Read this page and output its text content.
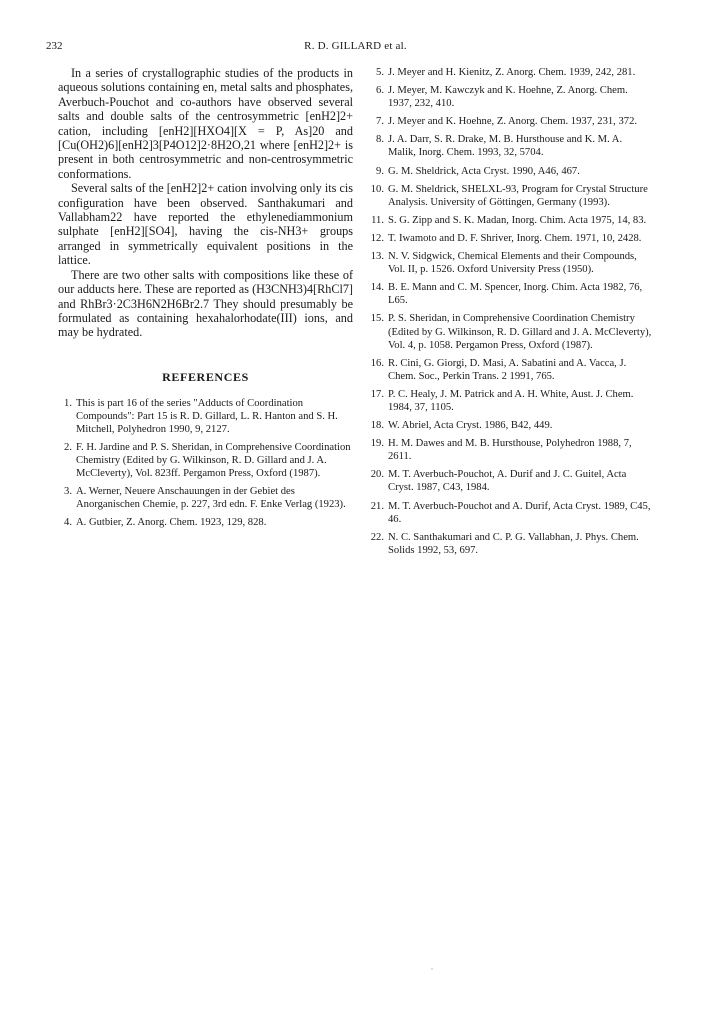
232	R. D. GILLARD et al.

In a series of crystallographic studies of the products in aqueous solutions containing en, metal salts and phosphates, Averbuch-Pouchot and co-authors have observed several salts and double salts of the centrosymmetric [enH2]2+ cation, including [enH2][HXO4][X = P, As]20 and [Cu(OH2)6][enH2]3[P4O12]2·8H2O,21 where [enH2]2+ is present in both centrosymmetric and non-centrosymmetric conformations.

Several salts of the [enH2]2+ cation involving only its cis configuration have been observed. Santhakumari and Vallabham22 have reported the ethylenediammonium sulphate [enH2][SO4], having the cis-NH3+ groups arranged in symmetrically equivalent positions in the lattice.

There are two other salts with compositions like these of our adducts here. These are reported as (H3CNH3)4[RhCl7] and RhBr3·2C3H6N2H6Br2.7 They should presumably be formulated as containing hexahalorhodate(III) ions, and may be hydrated.

REFERENCES
1. This is part 16 of the series "Adducts of Coordination Compounds": Part 15 is R. D. Gillard, L. R. Hanton and S. H. Mitchell, Polyhedron 1990, 9, 2127.
2. F. H. Jardine and P. S. Sheridan, in Comprehensive Coordination Chemistry (Edited by G. Wilkinson, R. D. Gillard and J. A. McCleverty), Vol. 823ff. Pergamon Press, Oxford (1987).
3. A. Werner, Neuere Anschauungen in der Gebiet des Anorganischen Chemie, p. 227, 3rd edn. F. Enke Verlag (1923).
4. A. Gutbier, Z. Anorg. Chem. 1923, 129, 828.
5. J. Meyer and H. Kienitz, Z. Anorg. Chem. 1939, 242, 281.
6. J. Meyer, M. Kawczyk and K. Hoehne, Z. Anorg. Chem. 1937, 232, 410.
7. J. Meyer and K. Hoehne, Z. Anorg. Chem. 1937, 231, 372.
8. J. A. Darr, S. R. Drake, M. B. Hursthouse and K. M. A. Malik, Inorg. Chem. 1993, 32, 5704.
9. G. M. Sheldrick, Acta Cryst. 1990, A46, 467.
10. G. M. Sheldrick, SHELXL-93, Program for Crystal Structure Analysis. University of Göttingen, Germany (1993).
11. S. G. Zipp and S. K. Madan, Inorg. Chim. Acta 1975, 14, 83.
12. T. Iwamoto and D. F. Shriver, Inorg. Chem. 1971, 10, 2428.
13. N. V. Sidgwick, Chemical Elements and their Compounds, Vol. II, p. 1526. Oxford University Press (1950).
14. B. E. Mann and C. M. Spencer, Inorg. Chim. Acta 1982, 76, L65.
15. P. S. Sheridan, in Comprehensive Coordination Chemistry (Edited by G. Wilkinson, R. D. Gillard and J. A. McCleverty), Vol. 4, p. 1058. Pergamon Press, Oxford (1987).
16. R. Cini, G. Giorgi, D. Masi, A. Sabatini and A. Vacca, J. Chem. Soc., Perkin Trans. 2 1991, 765.
17. P. C. Healy, J. M. Patrick and A. H. White, Aust. J. Chem. 1984, 37, 1105.
18. W. Abriel, Acta Cryst. 1986, B42, 449.
19. H. M. Dawes and M. B. Hursthouse, Polyhedron 1988, 7, 2611.
20. M. T. Averbuch-Pouchot, A. Durif and J. C. Guitel, Acta Cryst. 1987, C43, 1984.
21. M. T. Averbuch-Pouchot and A. Durif, Acta Cryst. 1989, C45, 46.
22. N. C. Santhakumari and C. P. G. Vallabhan, J. Phys. Chem. Solids 1992, 53, 697.
